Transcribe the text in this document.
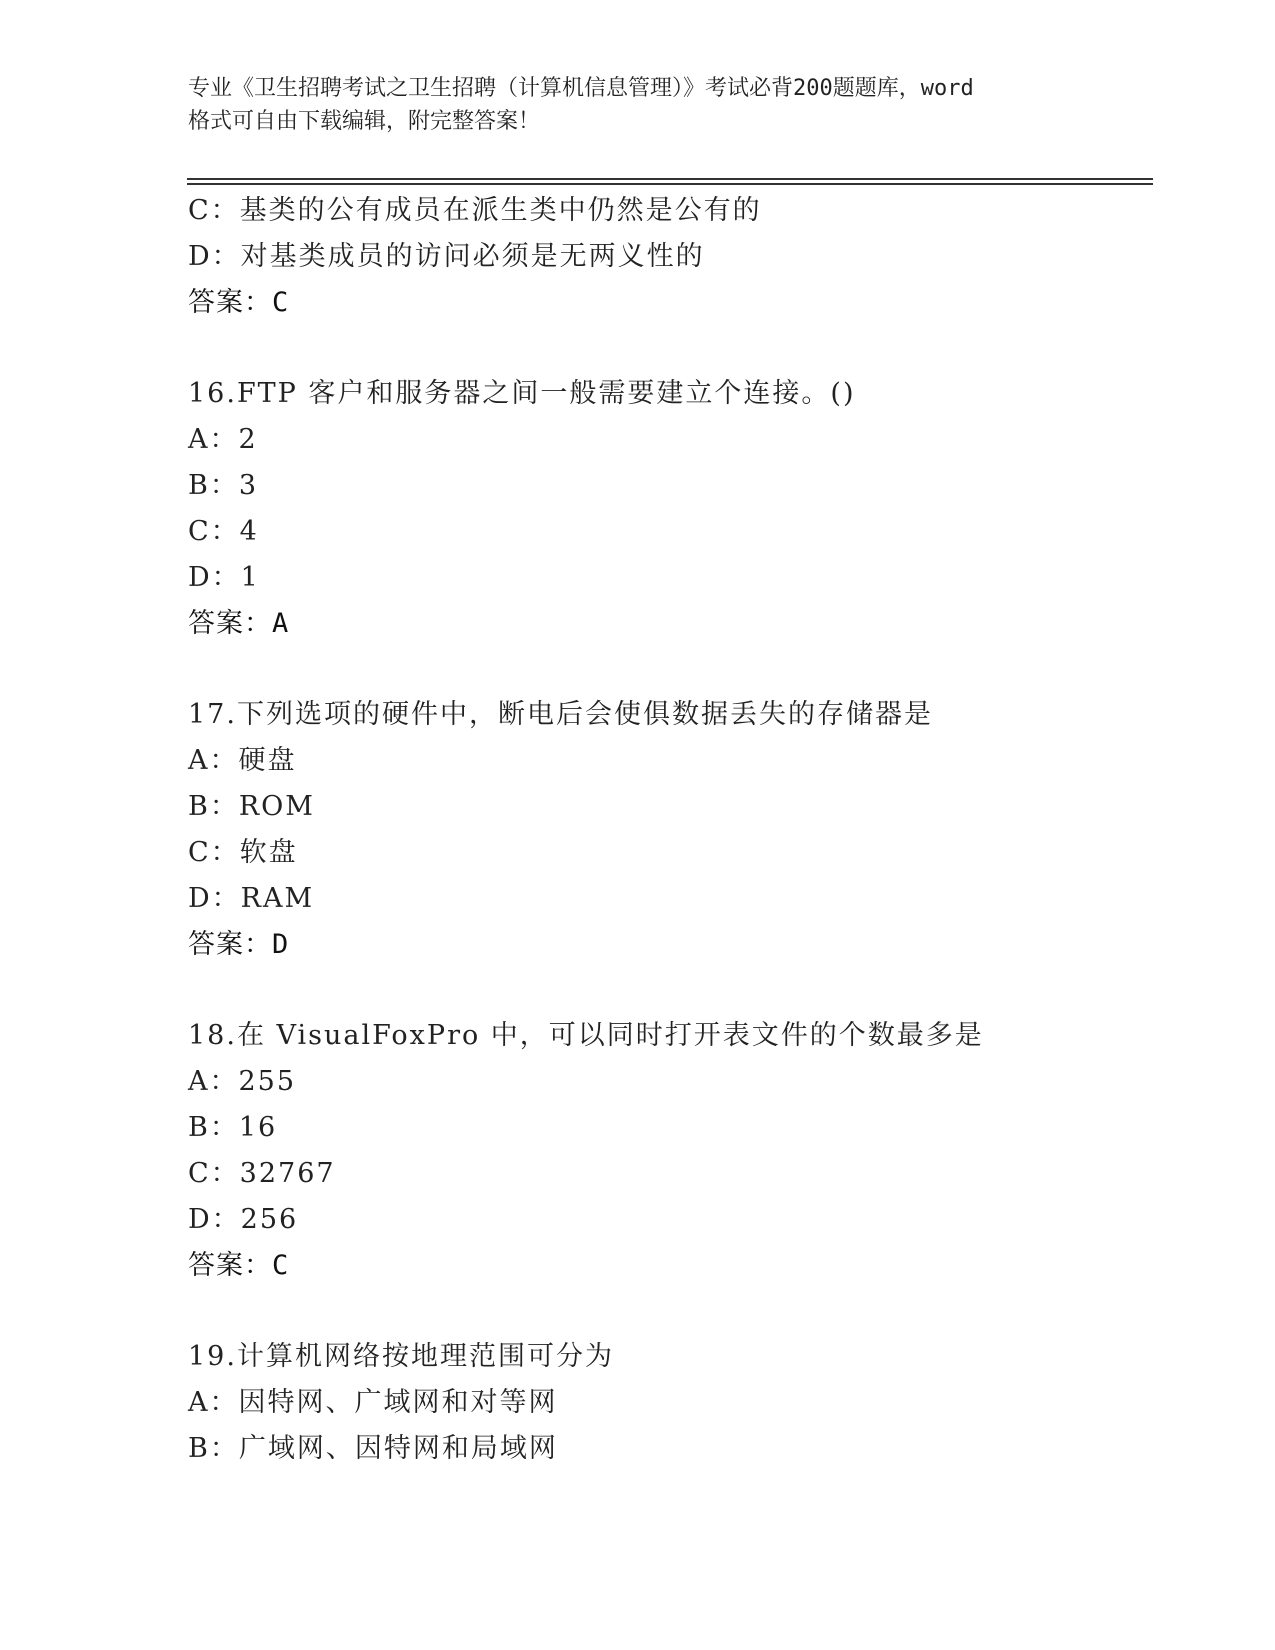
专业《卫生招聘考试之卫生招聘（计算机信息管理）》考试必背200题题库，word
格式可自由下载编辑，附完整答案！
C：基类的公有成员在派生类中仍然是公有的
D：对基类成员的访问必须是无两义性的
答案：C
16.FTP 客户和服务器之间一般需要建立个连接。()
A：2
B：3
C：4
D：1
答案：A
17.下列选项的硬件中，断电后会使俱数据丢失的存储器是
A：硬盘
B：ROM
C：软盘
D：RAM
答案：D
18.在 VisualFoxPro 中，可以同时打开表文件的个数最多是
A：255
B：16
C：32767
D：256
答案：C
19.计算机网络按地理范围可分为
A：因特网、广域网和对等网
B：广域网、因特网和局域网
